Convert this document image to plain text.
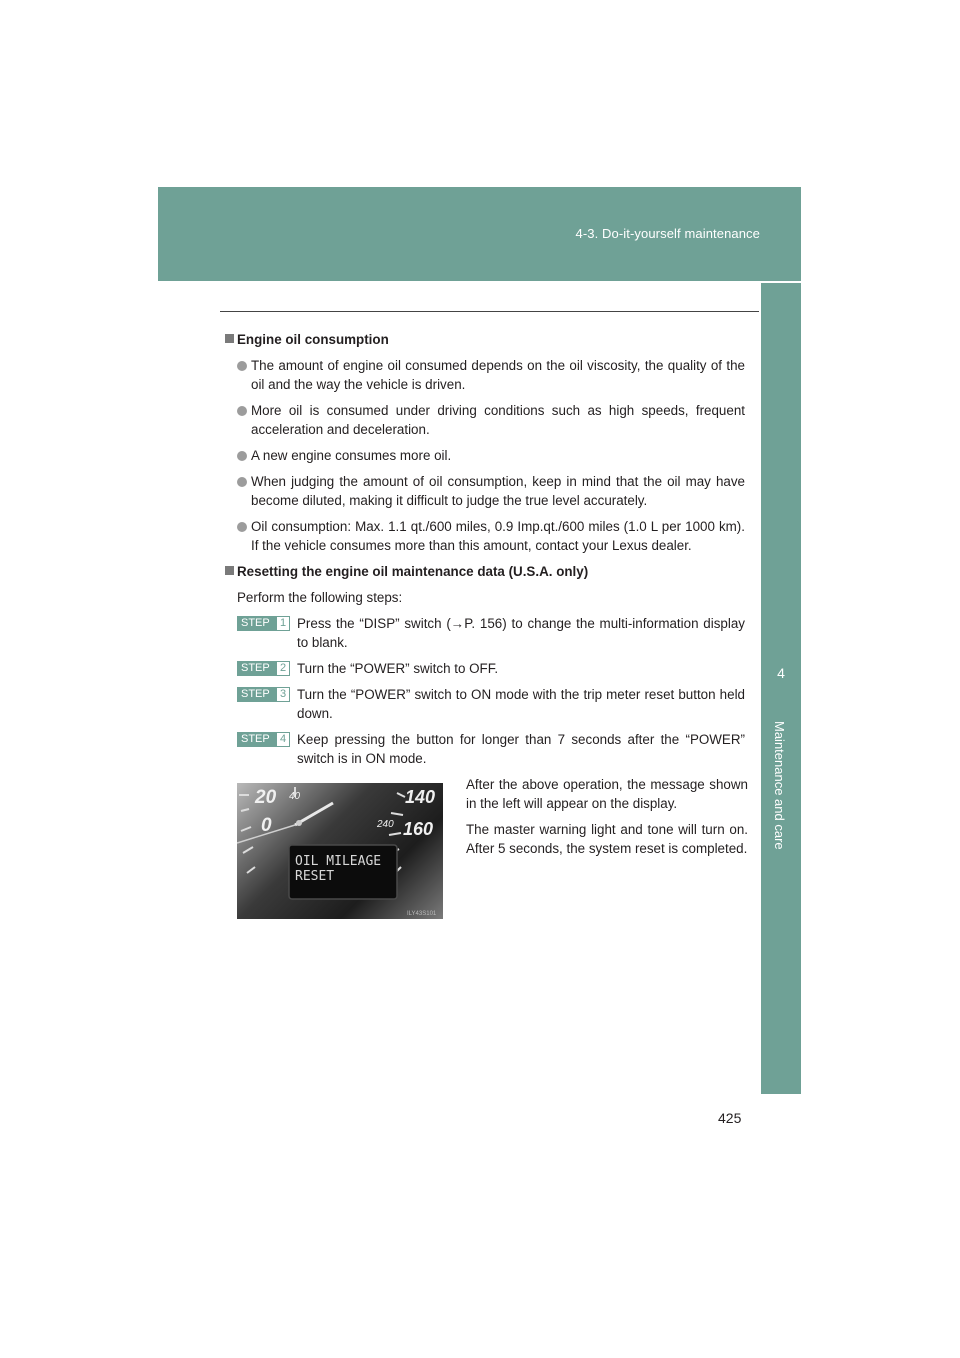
4-3. Do-it-yourself maintenance
4
Maintenance and care
Engine oil consumption
The amount of engine oil consumed depends on the oil viscosity, the quality of the oil and the way the vehicle is driven.
More oil is consumed under driving conditions such as high speeds, frequent acceleration and deceleration.
A new engine consumes more oil.
When judging the amount of oil consumption, keep in mind that the oil may have become diluted, making it difficult to judge the true level accurately.
Oil consumption: Max. 1.1 qt./600 miles, 0.9 Imp.qt./600 miles (1.0 L per 1000 km). If the vehicle consumes more than this amount, contact your Lexus dealer.
Resetting the engine oil maintenance data (U.S.A. only)
Perform the following steps:
STEP 1 Press the “DISP” switch (→P. 156) to change the multi-information display to blank.
STEP 2 Turn the “POWER” switch to OFF.
STEP 3 Turn the “POWER” switch to ON mode with the trip meter reset button held down.
STEP 4 Keep pressing the button for longer than 7 seconds after the “POWER” switch is in ON mode.
20 40
0
140
240 160
OIL MILEAGE
RESET
ILY43S101

After the above operation, the message shown in the left will appear on the display.

The master warning light and tone will turn on. After 5 seconds, the system reset is completed.

425
